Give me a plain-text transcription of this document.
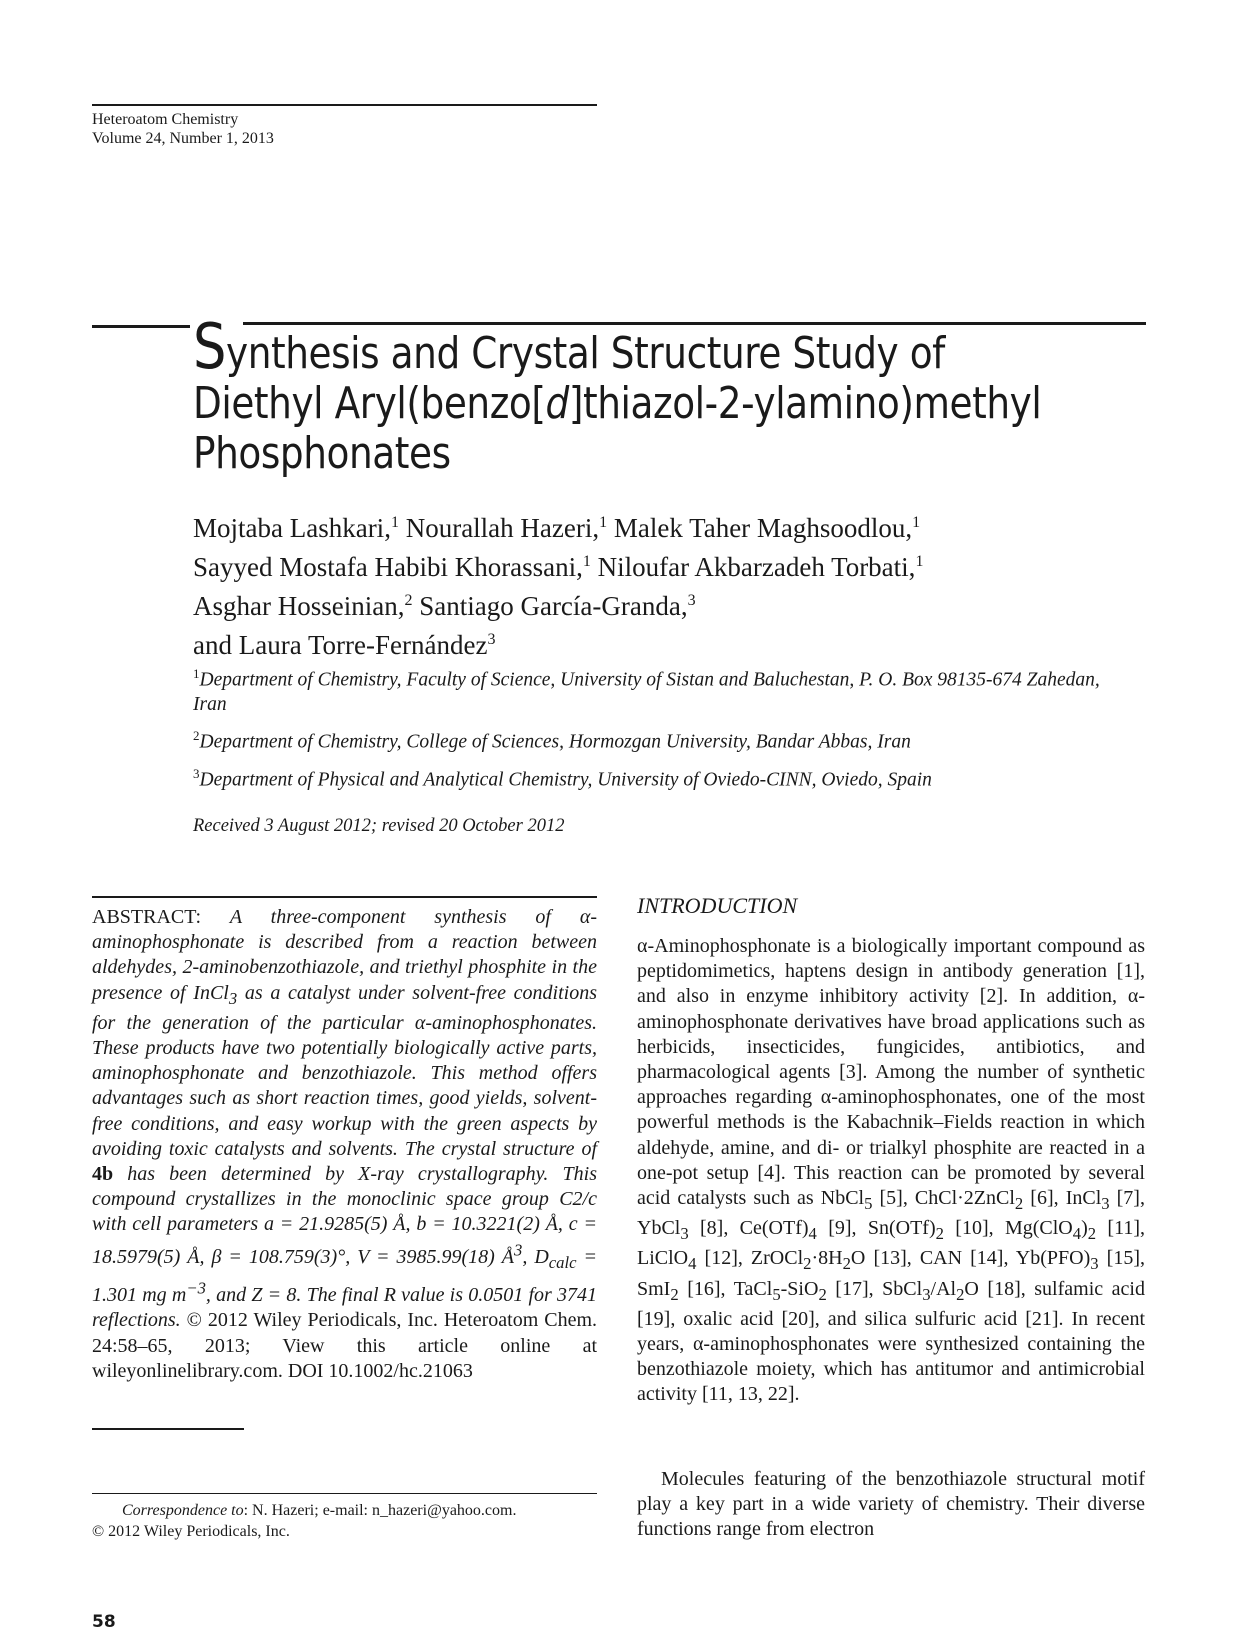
Heteroatom Chemistry
Volume 24, Number 1, 2013
Synthesis and Crystal Structure Study of
Diethyl Aryl(benzo[d]thiazol-2-ylamino)methyl
Phosphonates
Mojtaba Lashkari,$^1$ Nourallah Hazeri,$^1$ Malek Taher Maghsoodlou,$^1$
Sayyed Mostafa Habibi Khorassani,$^1$ Niloufar Akbarzadeh Torbati,$^1$
Asghar Hosseinian,$^2$ Santiago García-Granda,$^3$
and Laura Torre-Fernández$^3$
$^1$Department of Chemistry, Faculty of Science, University of Sistan and Baluchestan, P. O. Box 98135-674 Zahedan, Iran
$^2$Department of Chemistry, College of Sciences, Hormozgan University, Bandar Abbas, Iran
$^3$Department of Physical and Analytical Chemistry, University of Oviedo-CINN, Oviedo, Spain
Received 3 August 2012; revised 20 October 2012

ABSTRACT: A three-component synthesis of α-aminophosphonate is described from a reaction between aldehydes, 2-aminobenzothiazole, and triethyl phosphite in the presence of InCl$_3$ as a catalyst under solvent-free conditions for the generation of the particular α-aminophosphonates. These products have two potentially biologically active parts, aminophosphonate and benzothiazole. This method offers advantages such as short reaction times, good yields, solvent-free conditions, and easy workup with the green aspects by avoiding toxic catalysts and solvents. The crystal structure of 4b has been determined by X-ray crystallography. This compound crystallizes in the monoclinic space group C2/c with cell parameters a = 21.9285(5) Å, b = 10.3221(2) Å, c = 18.5979(5) Å, β = 108.759(3)°, V = 3985.99(18) $Å^3$, $D_{calc} = 1.301$ mg $m^{-3}$, and Z = 8. The final R value is 0.0501 for 3741 reflections. © 2012 Wiley Periodicals, Inc. Heteroatom Chem. 24:58–65, 2013; View this article online at wileyonlinelibrary.com. DOI 10.1002/hc.21063

INTRODUCTION

α-Aminophosphonate is a biologically important compound as peptidomimetics, haptens design in antibody generation [1], and also in enzyme inhibitory activity [2]. In addition, α-aminophosphonate derivatives have broad applications such as herbicids, insecticides, fungicides, antibiotics, and pharmacological agents [3]. Among the number of synthetic approaches regarding α-aminophosphonates, one of the most powerful methods is the Kabachnik–Fields reaction in which aldehyde, amine, and di- or trialkyl phosphite are reacted in a one-pot setup [4]. This reaction can be promoted by several acid catalysts such as NbCl$_5$ [5], ChCl·2ZnCl$_2$ [6], InCl$_3$ [7], YbCl$_3$ [8], $Ce(OTf)_4$ [9], $Sn(OTf)_2$ [10], $Mg(ClO_4)_2$ [11], LiClO$_4$ [12], $ZrOCl_2\cdot 8H_2O$ [13], CAN [14], $Yb(PFO)_3$ [15], SmI$_2$ [16], TaCl$_5$-SiO$_2$ [17], $SbCl_3/Al_2O$ [18], sulfamic acid [19], oxalic acid [20], and silica sulfuric acid [21]. In recent years, α-aminophosphonates were synthesized containing the benzothiazole moiety, which has antitumor and antimicrobial activity [11, 13, 22].

Molecules featuring of the benzothiazole structural motif play a key part in a wide variety of chemistry. Their diverse functions range from electron

Correspondence to: N. Hazeri; e-mail: n_hazeri@yahoo.com.
© 2012 Wiley Periodicals, Inc.
58
